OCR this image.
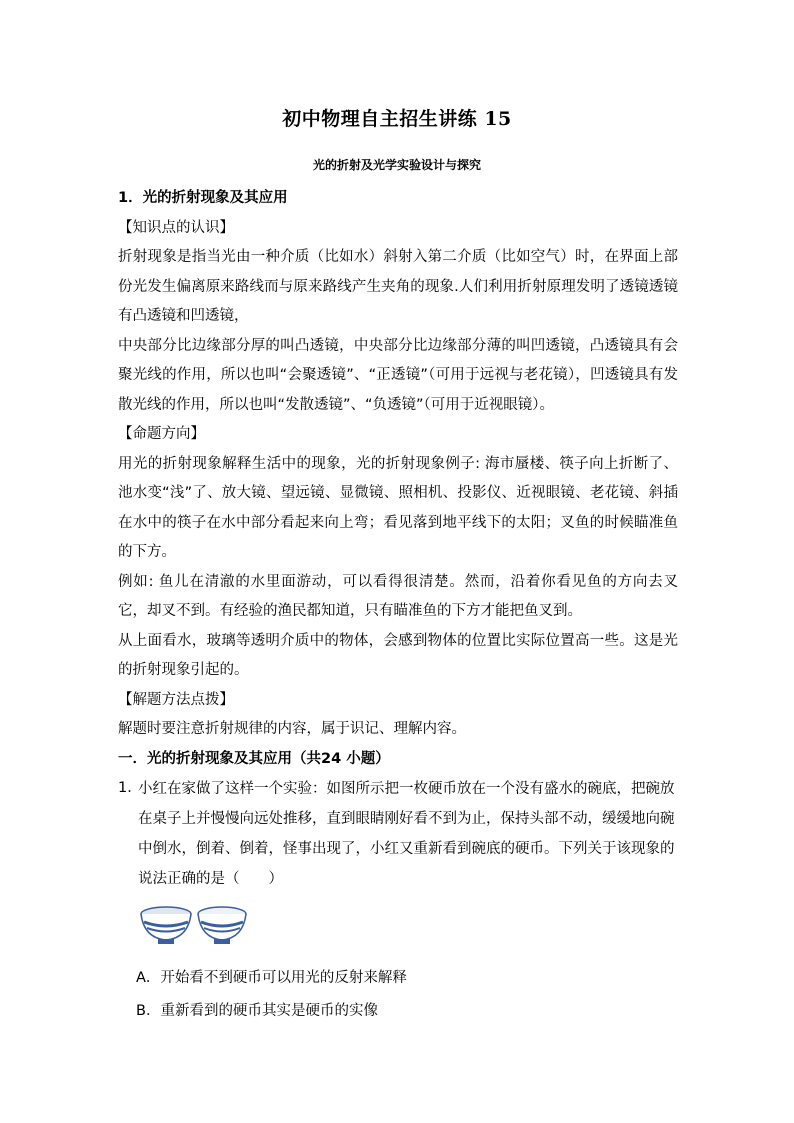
初中物理自主招生讲练 15
光的折射及光学实验设计与探究

1．光的折射现象及其应用

【知识点的认识】

折射现象是指当光由一种介质（比如水）斜射入第二介质（比如空气）时，在界面上部份光发生偏离原来路线而与原来路线产生夹角的现象.人们利用折射原理发明了透镜透镜有凸透镜和凹透镜，

中央部分比边缘部分厚的叫凸透镜，中央部分比边缘部分薄的叫凹透镜，凸透镜具有会聚光线的作用，所以也叫“会聚透镜”、“正透镜”（可用于远视与老花镜），凹透镜具有发散光线的作用，所以也叫“发散透镜”、“负透镜”（可用于近视眼镜）。

【命题方向】

用光的折射现象解释生活中的现象，光的折射现象例子: 海市蜃楼、筷子向上折断了、池水变“浅”了、放大镜、望远镜、显微镜、照相机、投影仪、近视眼镜、老花镜、斜插在水中的筷子在水中部分看起来向上弯；看见落到地平线下的太阳；叉鱼的时候瞄准鱼的下方。

例如: 鱼儿在清澈的水里面游动，可以看得很清楚。然而，沿着你看见鱼的方向去叉它，却叉不到。有经验的渔民都知道，只有瞄准鱼的下方才能把鱼叉到。

从上面看水，玻璃等透明介质中的物体，会感到物体的位置比实际位置高一些。这是光的折射现象引起的。

【解题方法点拨】

解题时要注意折射规律的内容，属于识记、理解内容。

一．光的折射现象及其应用（共24 小题）

1．
小红在家做了这样一个实验：如图所示把一枚硬币放在一个没有盛水的碗底，把碗放在桌子上并慢慢向远处推移，直到眼睛刚好看不到为止，保持头部不动，缓缓地向碗中倒水，倒着、倒着，怪事出现了，小红又重新看到碗底的硬币。下列关于该现象的说法正确的是（　　）
A．开始看不到硬币可以用光的反射来解释
B．重新看到的硬币其实是硬币的实像
